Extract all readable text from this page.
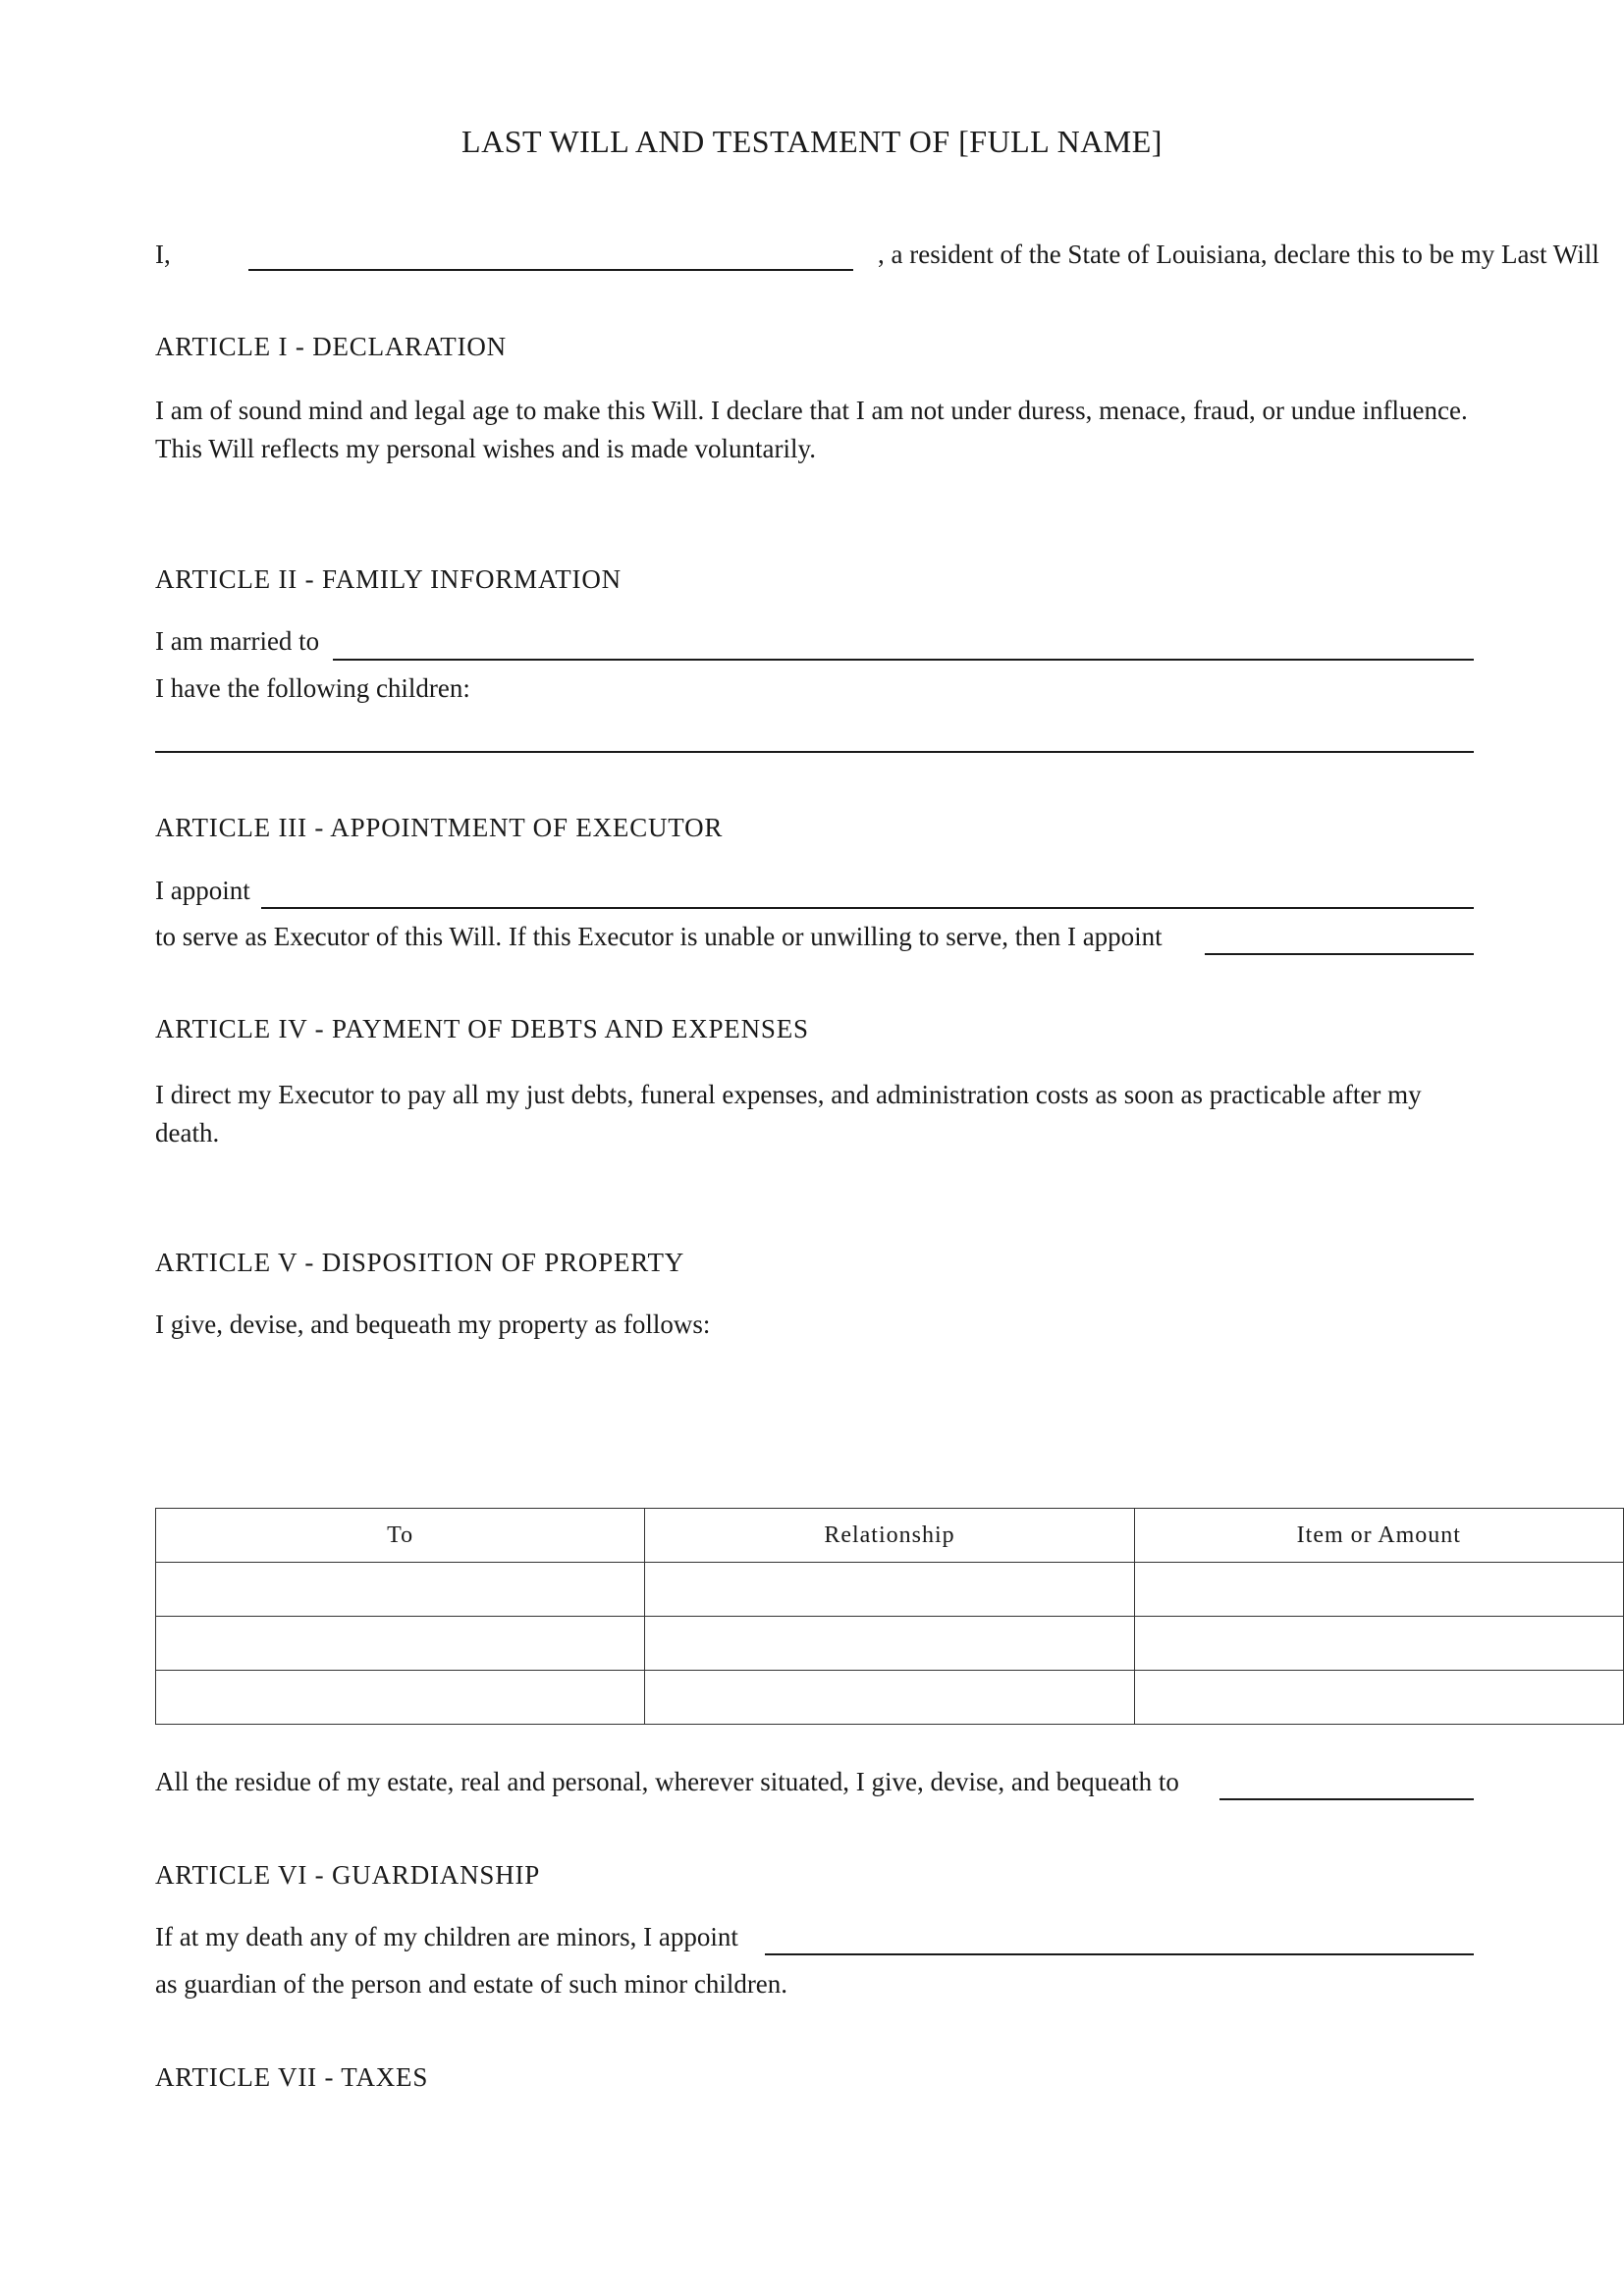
LAST WILL AND TESTAMENT OF [FULL NAME]
I,	, a resident of the State of Louisiana, declare this to be my Last Will
ARTICLE I - DECLARATION
I am of sound mind and legal age to make this Will. I declare that I am not under duress, menace, fraud, or undue influence. This Will reflects my personal wishes and is made voluntarily.
ARTICLE II - FAMILY INFORMATION
I am married to
I have the following children:
ARTICLE III - APPOINTMENT OF EXECUTOR
I appoint
to serve as Executor of this Will. If this Executor is unable or unwilling to serve, then I appoint
ARTICLE IV - PAYMENT OF DEBTS AND EXPENSES
I direct my Executor to pay all my just debts, funeral expenses, and administration costs as soon as practicable after my death.
ARTICLE V - DISPOSITION OF PROPERTY
I give, devise, and bequeath my property as follows:
To	Relationship	Item or Amount

All the residue of my estate, real and personal, wherever situated, I give, devise, and bequeath to
ARTICLE VI - GUARDIANSHIP
If at my death any of my children are minors, I appoint
as guardian of the person and estate of such minor children.
ARTICLE VII - TAXES
